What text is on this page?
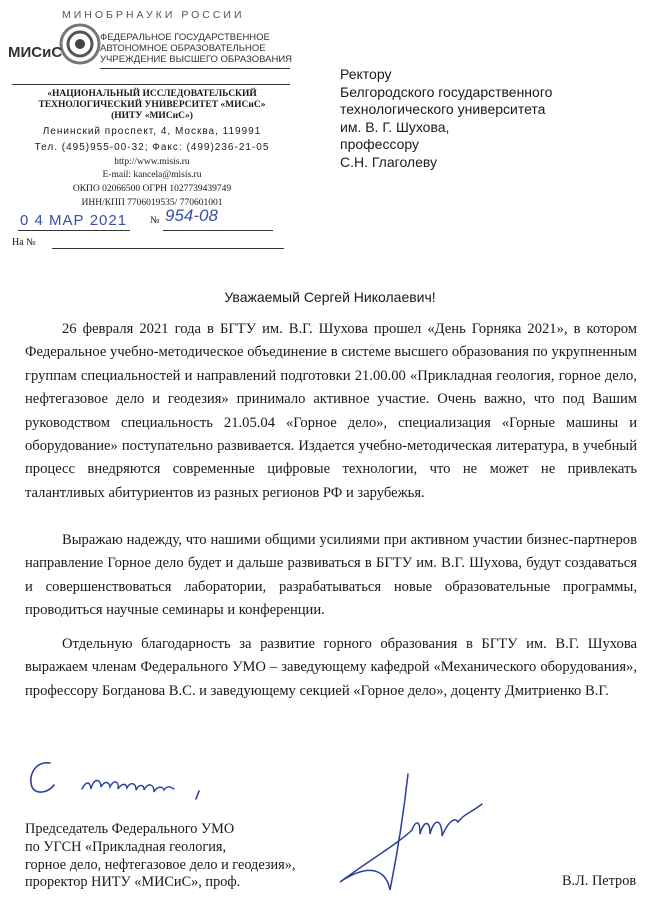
МИНОБРНАУКИ РОССИИ
МИСиС
ФЕДЕРАЛЬНОЕ ГОСУДАРСТВЕННОЕ
АВТОНОМНОЕ ОБРАЗОВАТЕЛЬНОЕ
УЧРЕЖДЕНИЕ ВЫСШЕГО ОБРАЗОВАНИЯ
«НАЦИОНАЛЬНЫЙ ИССЛЕДОВАТЕЛЬСКИЙ
ТЕХНОЛОГИЧЕСКИЙ УНИВЕРСИТЕТ «МИСиС»
(НИТУ «МИСиС»)
Ленинский проспект, 4, Москва, 119991
Тел. (495)955-00-32; Факс: (499)236-21-05
http://www.misis.ru
E-mail: kancela@misis.ru
ОКПО 02066500 ОГРН 1027739439749
ИНН/КПП 7706019535/ 770601001
0 4 МАР 2021 № 954-08
На №
Ректору
Белгородского государственного
технологического университета
им. В. Г. Шухова,
профессору
С.Н. Глаголеву
Уважаемый Сергей Николаевич!

26 февраля 2021 года в БГТУ им. В.Г. Шухова прошел «День Горняка 2021», в котором Федеральное учебно-методическое объединение в системе высшего образования по укрупненным группам специальностей и направлений подготовки 21.00.00 «Прикладная геология, горное дело, нефтегазовое дело и геодезия» принимало активное участие. Очень важно, что под Вашим руководством специальность 21.05.04 «Горное дело», специализация «Горные машины и оборудование» поступательно развивается. Издается учебно-методическая литература, в учебный процесс внедряются современные цифровые технологии, что не может не привлекать талантливых абитуриентов из разных регионов РФ и зарубежья.

Выражаю надежду, что нашими общими усилиями при активном участии бизнес-партнеров направление Горное дело будет и дальше развиваться в БГТУ им. В.Г. Шухова, будут создаваться и совершенствоваться лаборатории, разрабатываться новые образовательные программы, проводиться научные семинары и конференции.

Отдельную благодарность за развитие горного образования в БГТУ им. В.Г. Шухова выражаем членам Федерального УМО – заведующему кафедрой «Механического оборудования», профессору Богданова В.С. и заведующему секцией «Горное дело», доценту Дмитриенко В.Г.

Председатель Федерального УМО
по УГСН «Прикладная геология,
горное дело, нефтегазовое дело и геодезия»,
проректор НИТУ «МИСиС», проф.	В.Л. Петров
